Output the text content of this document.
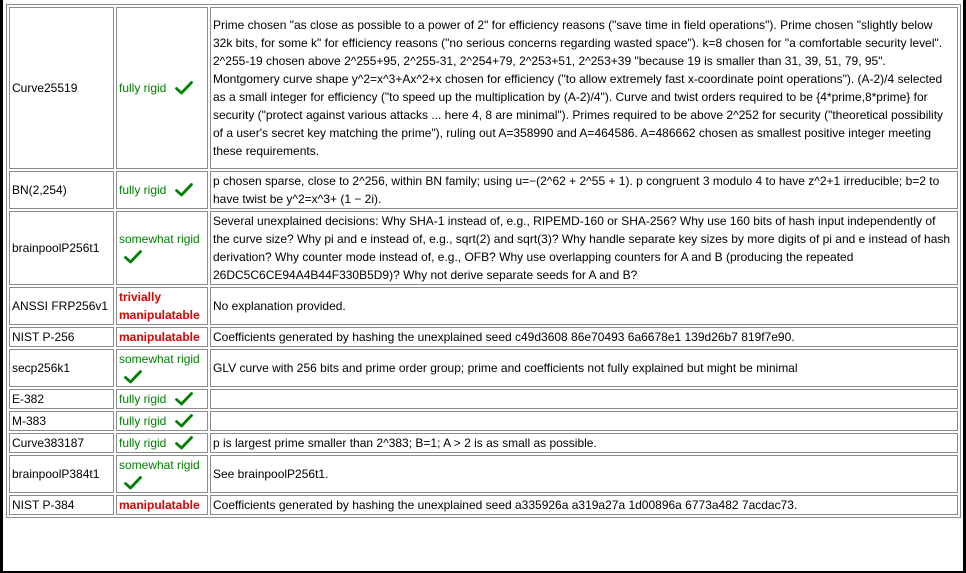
Curve25519	fully rigid	Prime chosen "as close as possible to a power of 2" for efficiency reasons ("save time in field operations"). Prime chosen "slightly below 32k bits, for some k" for efficiency reasons ("no serious concerns regarding wasted space"). k=8 chosen for "a comfortable security level". 2^255-19 chosen above 2^255+95, 2^255-31, 2^254+79, 2^253+51, 2^253+39 "because 19 is smaller than 31, 39, 51, 79, 95". Montgomery curve shape y^2=x^3+Ax^2+x chosen for efficiency ("to allow extremely fast x-coordinate point operations"). (A-2)/4 selected as a small integer for efficiency ("to speed up the multiplication by (A-2)/4"). Curve and twist orders required to be {4*prime,8*prime} for security ("protect against various attacks ... here 4, 8 are minimal"). Primes required to be above 2^252 for security ("theoretical possibility of a user's secret key matching the prime"), ruling out A=358990 and A=464586. A=486662 chosen as smallest positive integer meeting these requirements.
BN(2,254)	fully rigid	p chosen sparse, close to 2^256, within BN family; using u=−(2^62 + 2^55 + 1). p congruent 3 modulo 4 to have z^2+1 irreducible; b=2 to have twist be y^2=x^3+ (1 − 2i).
brainpoolP256t1	somewhat rigid	Several unexplained decisions: Why SHA-1 instead of, e.g., RIPEMD-160 or SHA-256? Why use 160 bits of hash input independently of the curve size? Why pi and e instead of, e.g., sqrt(2) and sqrt(3)? Why handle separate key sizes by more digits of pi and e instead of hash derivation? Why counter mode instead of, e.g., OFB? Why use overlapping counters for A and B (producing the repeated 26DC5C6CE94A4B44F330B5D9)? Why not derive separate seeds for A and B?
ANSSI FRP256v1	trivially manipulatable	No explanation provided.
NIST P-256	manipulatable	Coefficients generated by hashing the unexplained seed c49d3608 86e70493 6a6678e1 139d26b7 819f7e90.
secp256k1	somewhat rigid	GLV curve with 256 bits and prime order group; prime and coefficients not fully explained but might be minimal
E-382	fully rigid

M-383	fully rigid

Curve383187	fully rigid	p is largest prime smaller than 2^383; B=1; A > 2 is as small as possible.
brainpoolP384t1	somewhat rigid	See brainpoolP256t1.
NIST P-384	manipulatable	Coefficients generated by hashing the unexplained seed a335926a a319a27a 1d00896a 6773a482 7acdac73.
